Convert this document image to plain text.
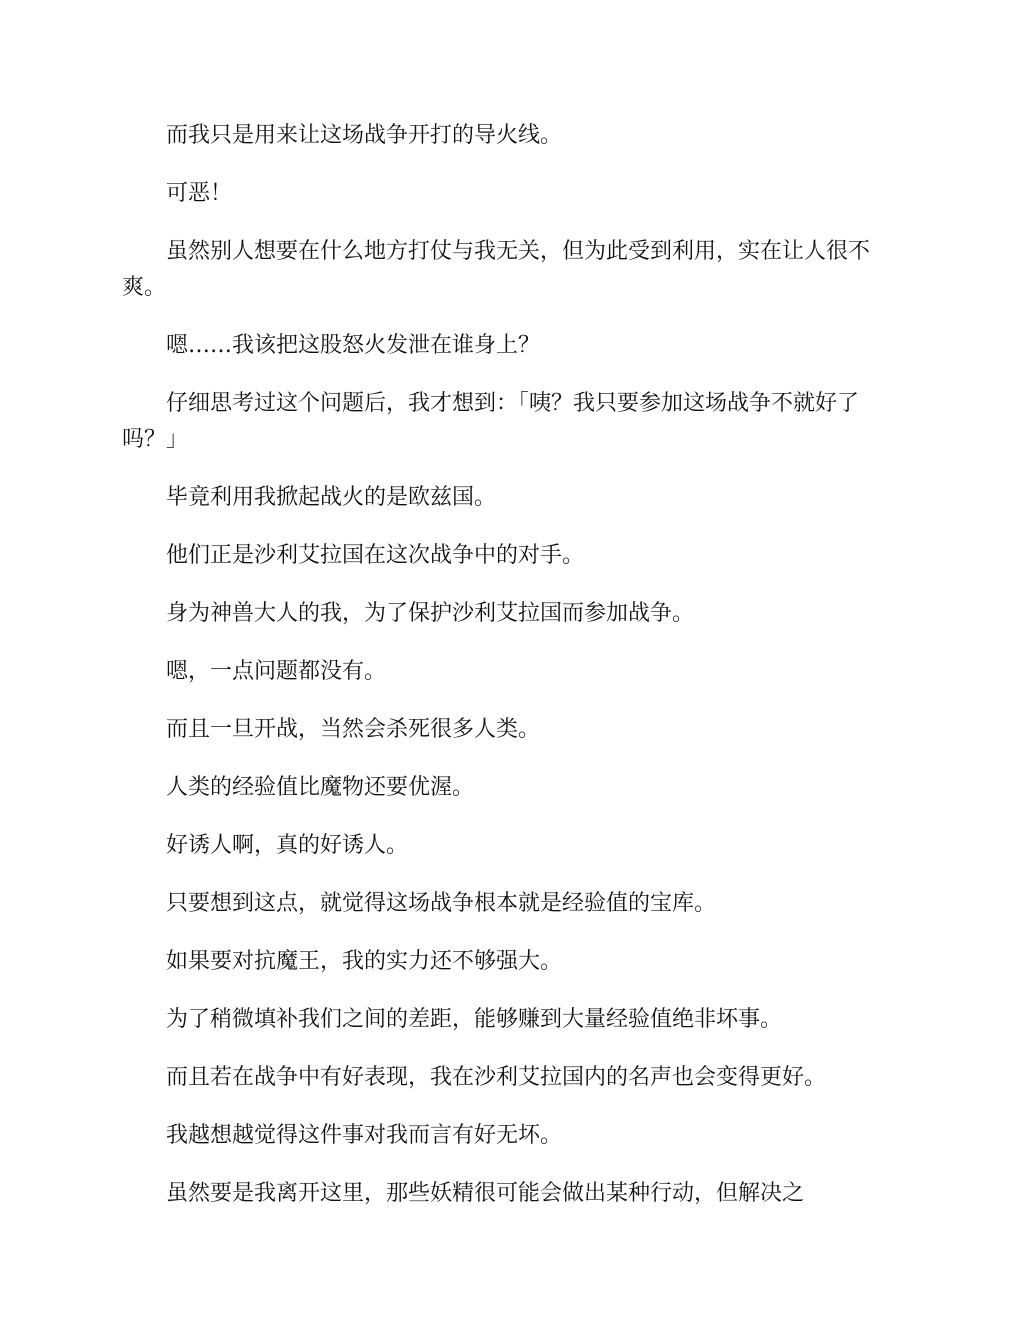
而我只是用来让这场战争开打的导火线。

可恶！

虽然别人想要在什么地方打仗与我无关，但为此受到利用，实在让人很不爽。

嗯……我该把这股怒火发泄在谁身上？

仔细思考过这个问题后，我才想到：「咦？我只要参加这场战争不就好了吗？」

毕竟利用我掀起战火的是欧兹国。

他们正是沙利艾拉国在这次战争中的对手。

身为神兽大人的我，为了保护沙利艾拉国而参加战争。

嗯，一点问题都没有。

而且一旦开战，当然会杀死很多人类。

人类的经验值比魔物还要优渥。

好诱人啊，真的好诱人。

只要想到这点，就觉得这场战争根本就是经验值的宝库。

如果要对抗魔王，我的实力还不够强大。

为了稍微填补我们之间的差距，能够赚到大量经验值绝非坏事。

而且若在战争中有好表现，我在沙利艾拉国内的名声也会变得更好。

我越想越觉得这件事对我而言有好无坏。

虽然要是我离开这里，那些妖精很可能会做出某种行动，但解决之
